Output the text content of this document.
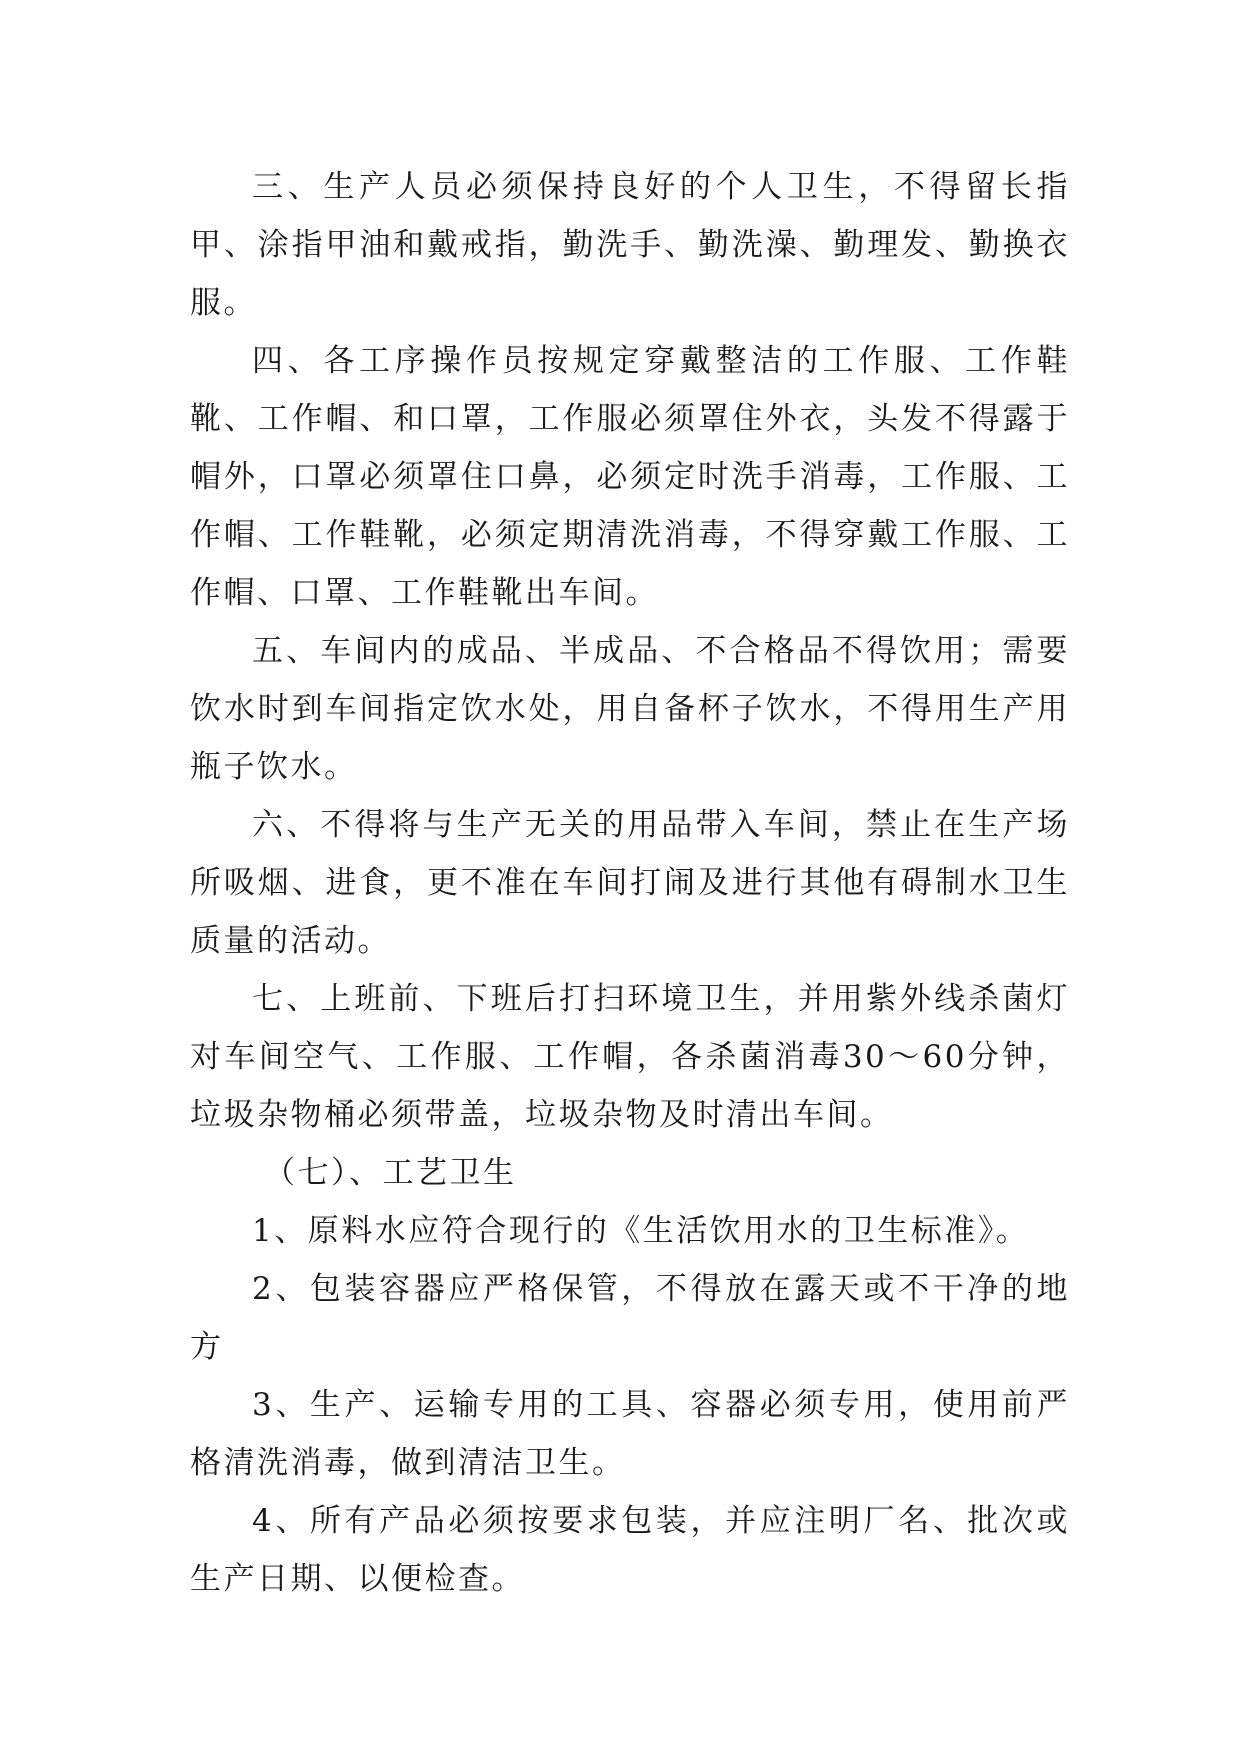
三、生产人员必须保持良好的个人卫生，不得留长指甲、涂指甲油和戴戒指，勤洗手、勤洗澡、勤理发、勤换衣服。

四、各工序操作员按规定穿戴整洁的工作服、工作鞋靴、工作帽、和口罩，工作服必须罩住外衣，头发不得露于帽外，口罩必须罩住口鼻，必须定时洗手消毒，工作服、工作帽、工作鞋靴，必须定期清洗消毒，不得穿戴工作服、工作帽、口罩、工作鞋靴出车间。

五、车间内的成品、半成品、不合格品不得饮用；需要饮水时到车间指定饮水处，用自备杯子饮水，不得用生产用瓶子饮水。

六、不得将与生产无关的用品带入车间，禁止在生产场所吸烟、进食，更不准在车间打闹及进行其他有碍制水卫生质量的活动。

七、上班前、下班后打扫环境卫生，并用紫外线杀菌灯对车间空气、工作服、工作帽，各杀菌消毒30～60分钟，垃圾杂物桶必须带盖，垃圾杂物及时清出车间。

（七）、工艺卫生

1、原料水应符合现行的《生活饮用水的卫生标准》。

2、包装容器应严格保管，不得放在露天或不干净的地方

3、生产、运输专用的工具、容器必须专用，使用前严格清洗消毒，做到清洁卫生。

4、所有产品必须按要求包装，并应注明厂名、批次或生产日期、以便检查。
